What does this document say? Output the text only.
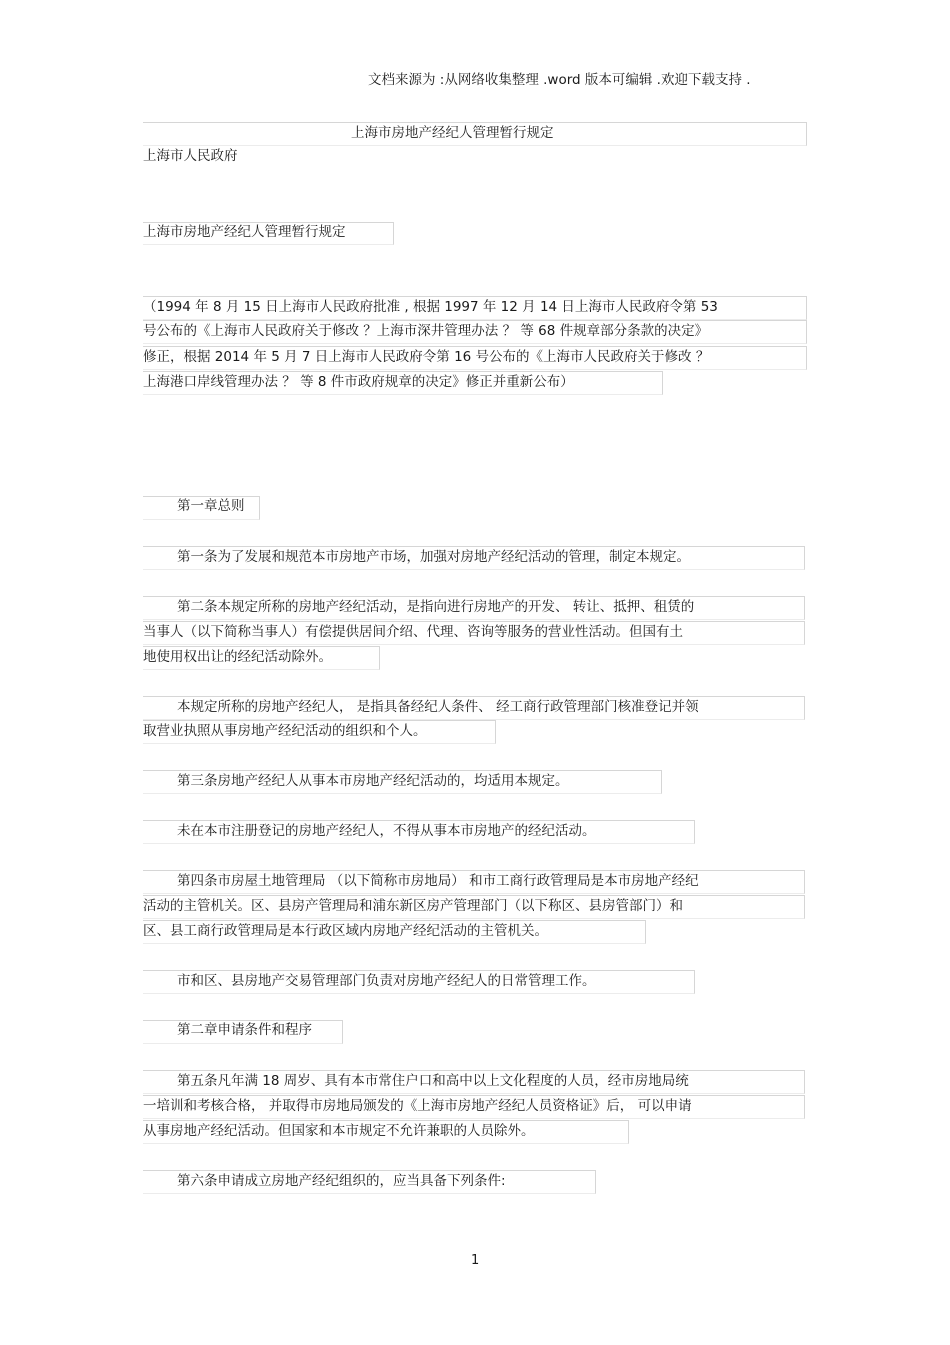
文档来源为 :从网络收集整理 .word 版本可编辑 .欢迎下载支持 .
上海市房地产经纪人管理暂行规定
上海市人民政府
上海市房地产经纪人管理暂行规定
（1994 年 8 月 15 日上海市人民政府批准 , 根据 1997 年 12 月 14 日上海市人民政府令第 53
号公布的《上海市人民政府关于修改 ？上海市深井管理办法 ？ 等 68 件规章部分条款的决定》
修正，根据 2014 年 5 月 7 日上海市人民政府令第 16 号公布的《上海市人民政府关于修改 ？
上海港口岸线管理办法 ？ 等 8 件市政府规章的决定》修正并重新公布）
第一章总则
第一条为了发展和规范本市房地产市场，加强对房地产经纪活动的管理，制定本规定。
第二条本规定所称的房地产经纪活动，是指向进行房地产的开发、 转让、抵押、租赁的
当事人（以下简称当事人）有偿提供居间介绍、代理、咨询等服务的营业性活动。但国有土
地使用权出让的经纪活动除外。
本规定所称的房地产经纪人， 是指具备经纪人条件、 经工商行政管理部门核准登记并领
取营业执照从事房地产经纪活动的组织和个人。
第三条房地产经纪人从事本市房地产经纪活动的，均适用本规定。
未在本市注册登记的房地产经纪人，不得从事本市房地产的经纪活动。
第四条市房屋土地管理局 （以下简称市房地局） 和市工商行政管理局是本市房地产经纪
活动的主管机关。区、县房产管理局和浦东新区房产管理部门（以下称区、县房管部门）和
区、县工商行政管理局是本行政区域内房地产经纪活动的主管机关。
市和区、县房地产交易管理部门负责对房地产经纪人的日常管理工作。
第二章申请条件和程序
第五条凡年满 18 周岁、具有本市常住户口和高中以上文化程度的人员，经市房地局统
一培训和考核合格， 并取得市房地局颁发的《上海市房地产经纪人员资格证》后， 可以申请
从事房地产经纪活动。但国家和本市规定不允许兼职的人员除外。
第六条申请成立房地产经纪组织的，应当具备下列条件:
1
